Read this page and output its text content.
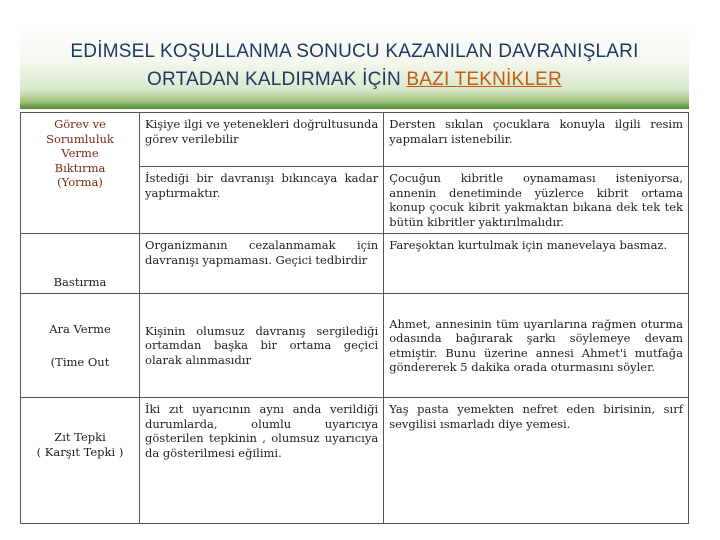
EDİMSEL KOŞULLANMA SONUCU KAZANILAN DAVRANIŞLARI
ORTADAN KALDIRMAK İÇİN BAZI TEKNİKLER
Görev ve
Sorumluluk
Verme
Bıktırma
(Yorma)	Kişiye ilgi ve yetenekleri doğrultusunda görev verilebilir	Dersten sıkılan çocuklara konuyla ilgili resim yapmaları istenebilir.
	İstediği bir davranışı bıkıncaya kadar yaptırmaktır.	Çocuğun kibritle oynamaması isteniyorsa, annenin denetiminde yüzlerce kibrit ortama konup çocuk kibrit yakmaktan bıkana dek tek tek bütün kibritler yaktırılmalıdır.

Bastırma	Organizmanın cezalanmamak için davranışı yapmaması. Geçici tedbirdir	Fareşoktan kurtulmak için manevelaya basmaz.

Ara Verme
(Time Out	Kişinin olumsuz davranış sergilediği ortamdan başka bir ortama geçici olarak alınmasıdır	Ahmet, annesinin tüm uyarılarına rağmen oturma odasında bağırarak şarkı söylemeye devam etmiştir. Bunu üzerine annesi Ahmet'i mutfağa göndererek 5 dakika orada oturmasını söyler.

Zıt Tepki
( Karşıt Tepki )	İki zıt uyarıcının aynı anda verildiği durumlarda, olumlu uyarıcıya gösterilen tepkinin , olumsuz uyarıcıya da gösterilmesi eğilimi.	Yaş pasta yemekten nefret eden birisinin, sırf sevgilisi ısmarladı diye yemesi.
